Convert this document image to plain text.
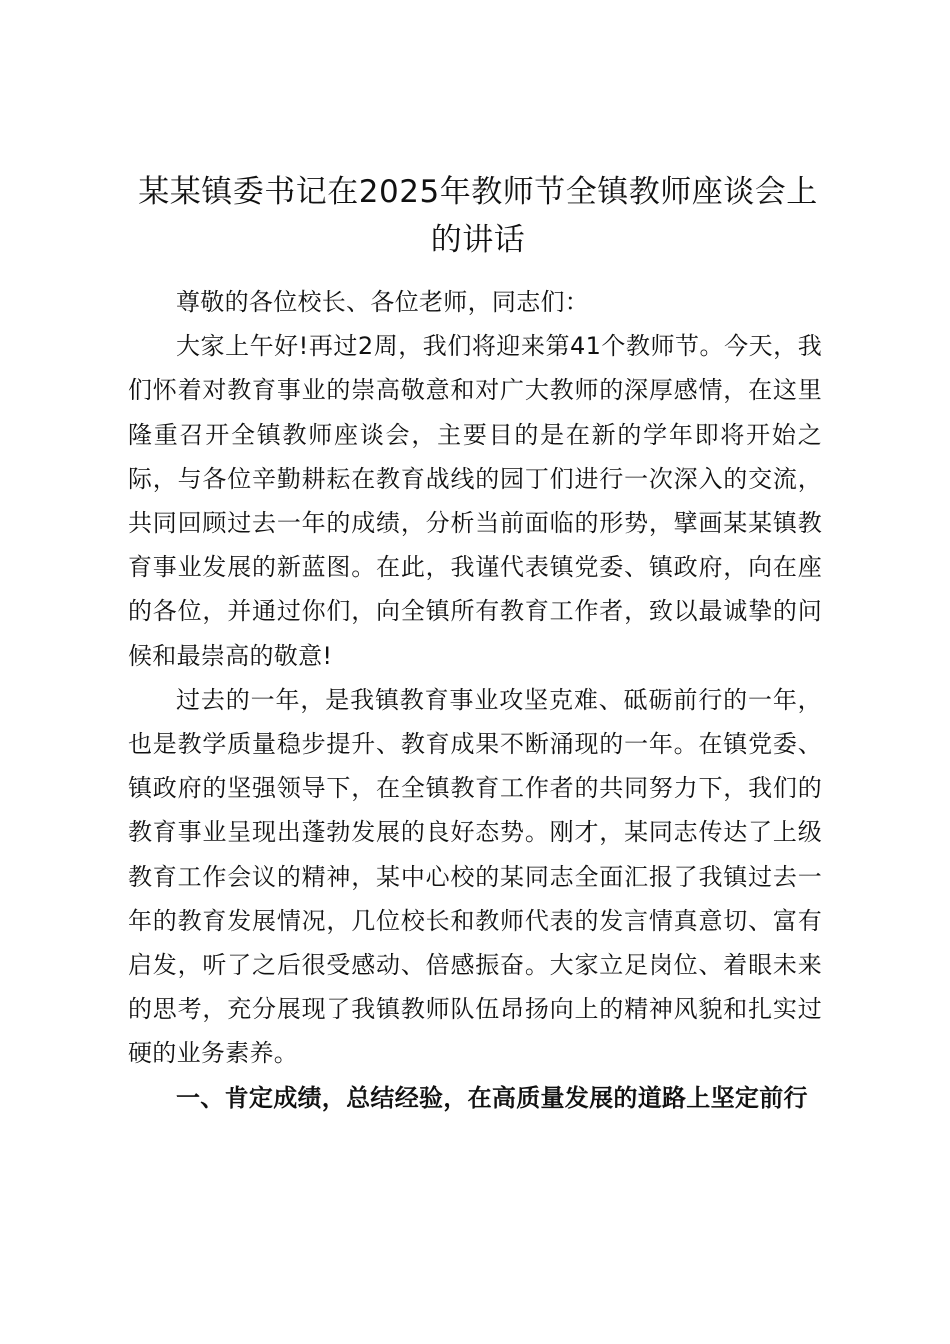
某某镇委书记在2025年教师节全镇教师座谈会上的讲话

尊敬的各位校长、各位老师，同志们：

大家上午好!再过2周，我们将迎来第41个教师节。今天，我们怀着对教育事业的崇高敬意和对广大教师的深厚感情，在这里隆重召开全镇教师座谈会，主要目的是在新的学年即将开始之际，与各位辛勤耕耘在教育战线的园丁们进行一次深入的交流，共同回顾过去一年的成绩，分析当前面临的形势，擘画某某镇教育事业发展的新蓝图。在此，我谨代表镇党委、镇政府，向在座的各位，并通过你们，向全镇所有教育工作者，致以最诚挚的问候和最崇高的敬意!

过去的一年，是我镇教育事业攻坚克难、砥砺前行的一年，也是教学质量稳步提升、教育成果不断涌现的一年。在镇党委、镇政府的坚强领导下，在全镇教育工作者的共同努力下，我们的教育事业呈现出蓬勃发展的良好态势。刚才，某同志传达了上级教育工作会议的精神，某中心校的某同志全面汇报了我镇过去一年的教育发展情况，几位校长和教师代表的发言情真意切、富有启发，听了之后很受感动、倍感振奋。大家立足岗位、着眼未来的思考，充分展现了我镇教师队伍昂扬向上的精神风貌和扎实过硬的业务素养。

一、肯定成绩，总结经验，在高质量发展的道路上坚定前行
